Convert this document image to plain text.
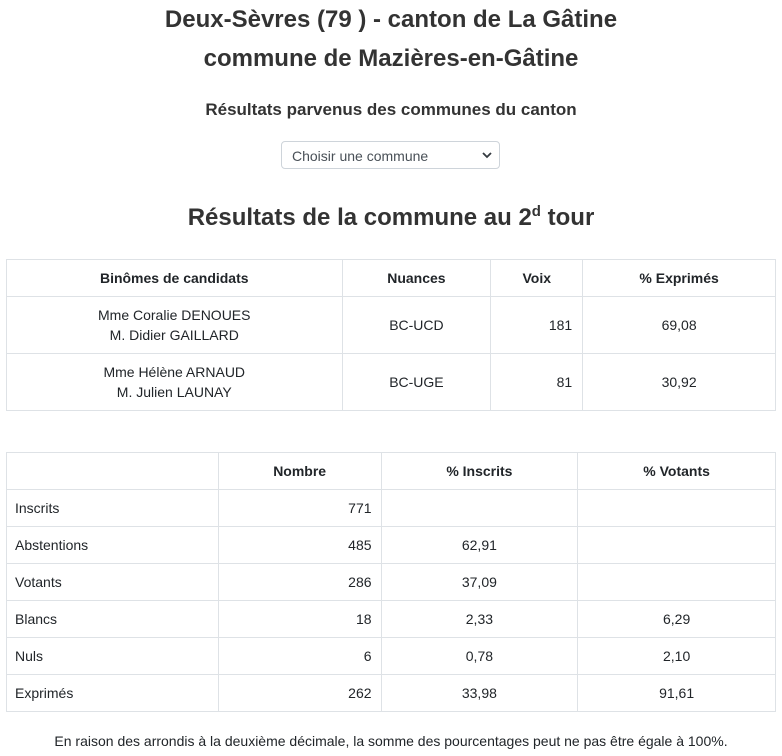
Deux-Sèvres (79 ) - canton de La Gâtine
commune de Mazières-en-Gâtine
Résultats parvenus des communes du canton
Choisir une commune
Résultats de la commune au 2$^d$ tour
Binômes de candidats	Nuances	Voix	% Exprimés

Mme Coralie DENOUES
M. Didier GAILLARD	BC-UCD	181	69,08

Mme Hélène ARNAUD
M. Julien LAUNAY	BC-UGE	81	30,92
	Nombre	% Inscrits	% Votants
Inscrits	771		
Abstentions	485	62,91	
Votants	286	37,09	
Blancs	18	2,33	6,29
Nuls	6	0,78	2,10
Exprimés	262	33,98	91,61
En raison des arrondis à la deuxième décimale, la somme des pourcentages peut ne pas être égale à 100%.
